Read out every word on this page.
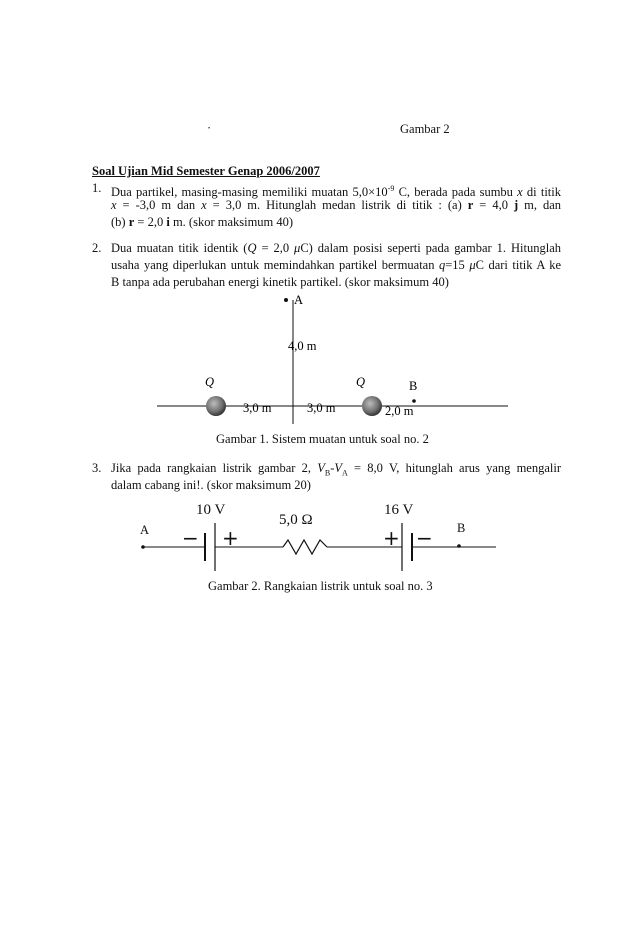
·	Gambar 2
Soal Ujian Mid Semester Genap 2006/2007
1. Dua partikel, masing-masing memiliki muatan $5,0\times 10^{-9}$ C, berada pada sumbu x di titik
x = -3,0 m dan x = 3,0 m. Hitunglah medan listrik di titik : (a) r = 4,0 j m, dan
(b) r = 2,0 i m. (skor maksimum 40)
2. Dua muatan titik identik (Q = 2,0 μC) dalam posisi seperti pada gambar 1. Hitunglah
usaha yang diperlukan untuk memindahkan partikel bermuatan q=15 μC dari titik A ke
B tanpa ada perubahan energi kinetik partikel. (skor maksimum 40)
A
4,0 m
Q	Q	B
3,0 m	3,0 m	2,0 m
Gambar 1. Sistem muatan untuk soal no. 2
3. Jika pada rangkaian listrik gambar 2, $V_B-V_A = 8,0$ V, hitunglah arus yang mengalir
dalam cabang ini!. (skor maksimum 20)
10 V	16 V
5,0 Ω
A	B
− +	+ −
Gambar 2. Rangkaian listrik untuk soal no. 3
